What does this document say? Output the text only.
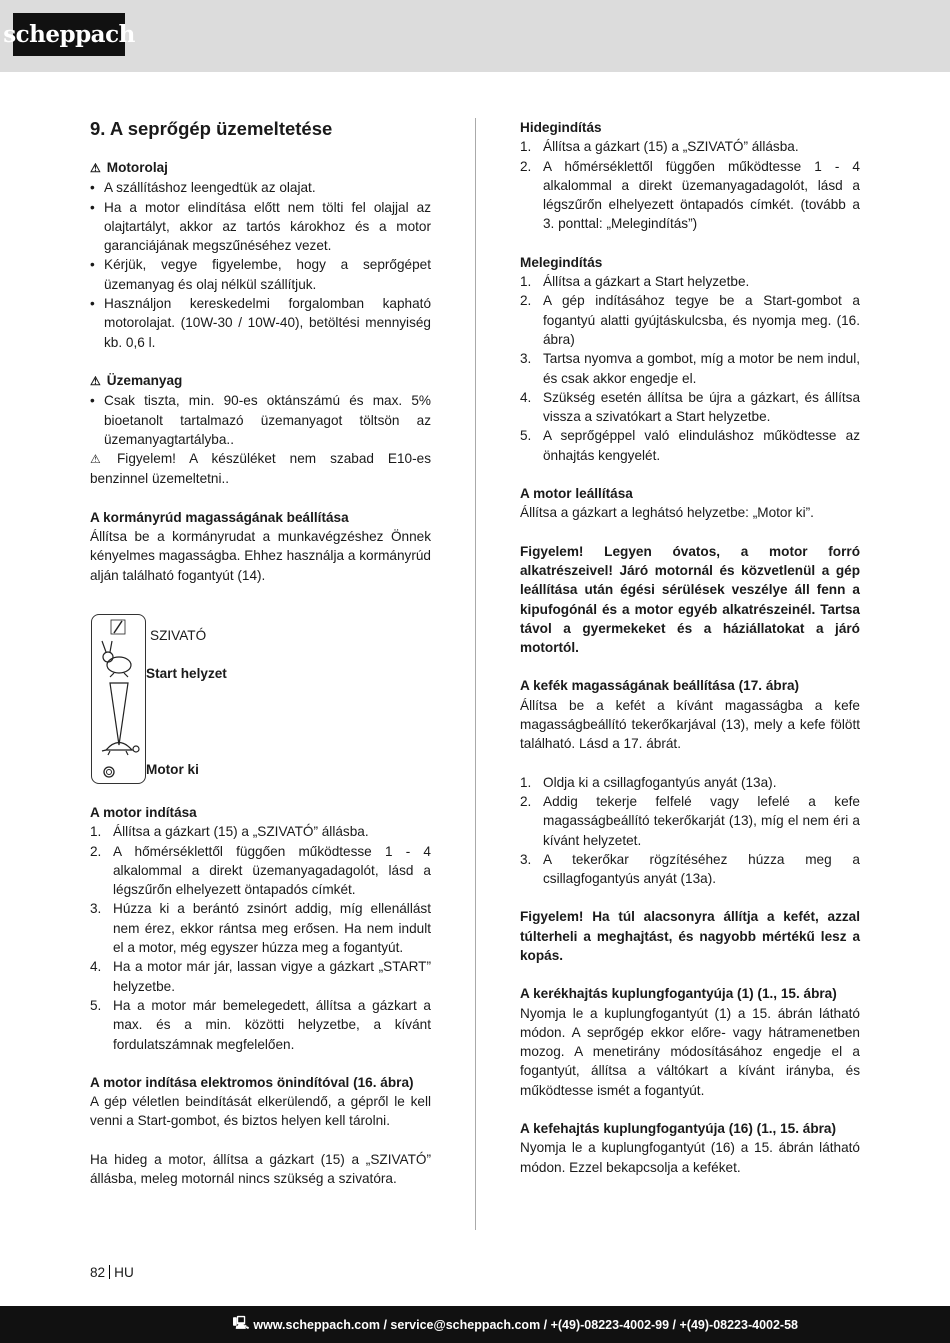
scheppach
9. A seprőgép üzemeltetése
⚠ Motorolaj
• A szállításhoz leengedtük az olajat.
• Ha a motor elindítása előtt nem tölti fel olajjal az olajtartályt, akkor az tartós károkhoz és a motor garanciájának megszűnéséhez vezet.
• Kérjük, vegye figyelembe, hogy a seprőgépet üzemanyag és olaj nélkül szállítjuk.
• Használjon kereskedelmi forgalomban kapható motorolajat. (10W-30 / 10W-40), betöltési mennyiség kb. 0,6 l.
⚠ Üzemanyag
• Csak tiszta, min. 90-es oktánszámú és max. 5% bioetanolt tartalmazó üzemanyagot töltsön az üzemanyagtartályba..

⚠ Figyelem! A készüléket nem szabad E10-es benzinnel üzemeltetni..

A kormányrúd magasságának beállítása

Állítsa be a kormányrudat a munkavégzéshez Önnek kényelmes magasságba. Ehhez használja a kormányrúd alján található fogantyút (14).

SZIVATÓ
Start helyzet
Motor ki
A motor indítása
1. Állítsa a gázkart (15) a „SZIVATÓ” állásba.
2. A hőmérséklettől függően működtesse 1 - 4 alkalommal a direkt üzemanyagadagolót, lásd a légszűrőn elhelyezett öntapadós címkét.
3. Húzza ki a berántó zsinórt addig, míg ellenállást nem érez, ekkor rántsa meg erősen. Ha nem indult el a motor, még egyszer húzza meg a fogantyút.
4. Ha a motor már jár, lassan vigye a gázkart „START” helyzetbe.
5. Ha a motor már bemelegedett, állítsa a gázkart a max. és a min. közötti helyzetbe, a kívánt fordulatszámnak megfelelően.
A motor indítása elektromos önindítóval (16. ábra)

A gép véletlen beindítását elkerülendő, a gépről le kell venni a Start-gombot, és biztos helyen kell tárolni.

Ha hideg a motor, állítsa a gázkart (15) a „SZIVATÓ” állásba, meleg motornál nincs szükség a szivatóra.

Hidegindítás
1. Állítsa a gázkart (15) a „SZIVATÓ” állásba.
2. A hőmérséklettől függően működtesse 1 - 4 alkalommal a direkt üzemanyagadagolót, lásd a légszűrőn elhelyezett öntapadós címkét. (tovább a 3. ponttal: „Melegindítás”)
Melegindítás
1. Állítsa a gázkart a Start helyzetbe.
2. A gép indításához tegye be a Start-gombot a fogantyú alatti gyújtáskulcsba, és nyomja meg. (16. ábra)
3. Tartsa nyomva a gombot, míg a motor be nem indul, és csak akkor engedje el.
4. Szükség esetén állítsa be újra a gázkart, és állítsa vissza a szivatókart a Start helyzetbe.
5. A seprőgéppel való elinduláshoz működtesse az önhajtás kengyelét.
A motor leállítása

Állítsa a gázkart a leghátsó helyzetbe: „Motor ki”.

Figyelem! Legyen óvatos, a motor forró alkatrészeivel! Járó motornál és közvetlenül a gép leállítása után égési sérülések veszélye áll fenn a kipufogónál és a motor egyéb alkatrészeinél. Tartsa távol a gyermekeket és a háziállatokat a járó motortól.

A kefék magasságának beállítása (17. ábra)

Állítsa be a kefét a kívánt magasságba a kefe magasságbeállító tekerőkarjával (13), mely a kefe fölött található. Lásd a 17. ábrát.

1. Oldja ki a csillagfogantyús anyát (13a).
2. Addig tekerje felfelé vagy lefelé a kefe magasságbeállító tekerőkarját (13), míg el nem éri a kívánt helyzetet.
3. A tekerőkar rögzítéséhez húzza meg a csillagfogantyús anyát (13a).

Figyelem! Ha túl alacsonyra állítja a kefét, azzal túlterheli a meghajtást, és nagyobb mértékű lesz a kopás.

A kerékhajtás kuplungfogantyúja (1) (1., 15. ábra)

Nyomja le a kuplungfogantyút (1) a 15. ábrán látható módon. A seprőgép ekkor előre- vagy hátramenetben mozog. A menetirány módosításához engedje el a fogantyút, állítsa a váltókart a kívánt irányba, és működtesse ismét a fogantyút.

A kefehajtás kuplungfogantyúja (16) (1., 15. ábra)

Nyomja le a kuplungfogantyút (16) a 15. ábrán látható módon. Ezzel bekapcsolja a keféket.

82 HU
🖳 www.scheppach.com / service@scheppach.com / +(49)-08223-4002-99 / +(49)-08223-4002-58
